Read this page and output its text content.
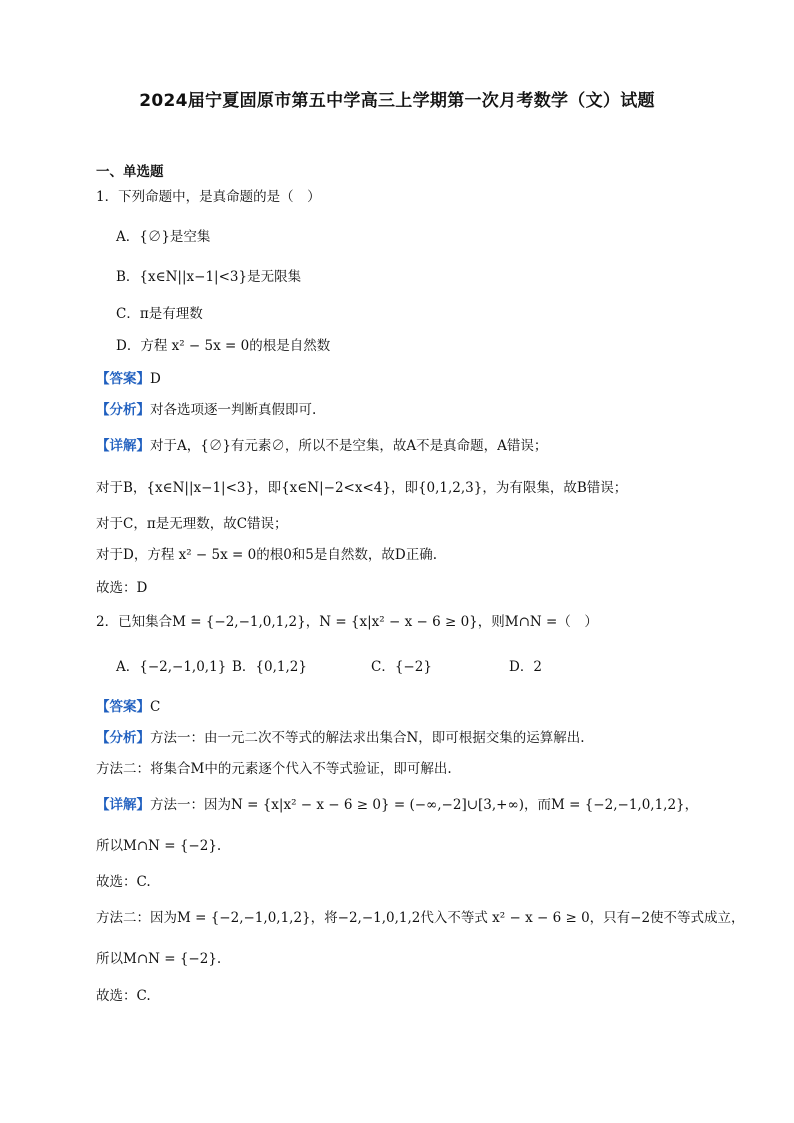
2024届宁夏固原市第五中学高三上学期第一次月考数学（文）试题
一、单选题
1．下列命题中，是真命题的是（　）
A．{∅}是空集
B．{x∈N||x−1|<3}是无限集
C．π是有理数
D．方程 x² − 5x = 0的根是自然数
【答案】D
【分析】对各选项逐一判断真假即可.
【详解】对于A，{∅}有元素∅，所以不是空集，故A不是真命题，A错误；
对于B，{x∈N||x−1|<3}，即{x∈N|−2<x<4}，即{0,1,2,3}，为有限集，故B错误；
对于C，π是无理数，故C错误；
对于D，方程 x² − 5x = 0的根0和5是自然数，故D正确.
故选：D
2．已知集合M = {−2,−1,0,1,2}，N = {x|x² − x − 6 ≥ 0}，则M∩N =（　）
A．{−2,−1,0,1} B．{0,1,2}	C．{−2}	D．2
【答案】C
【分析】方法一：由一元二次不等式的解法求出集合N，即可根据交集的运算解出.
方法二：将集合M中的元素逐个代入不等式验证，即可解出.
【详解】方法一：因为N = {x|x² − x − 6 ≥ 0} = (−∞,−2]∪[3,+∞)，而M = {−2,−1,0,1,2}，
所以M∩N = {−2}.
故选：C.
方法二：因为M = {−2,−1,0,1,2}，将−2,−1,0,1,2代入不等式 x² − x − 6 ≥ 0，只有−2使不等式成立，
所以M∩N = {−2}.
故选：C.
